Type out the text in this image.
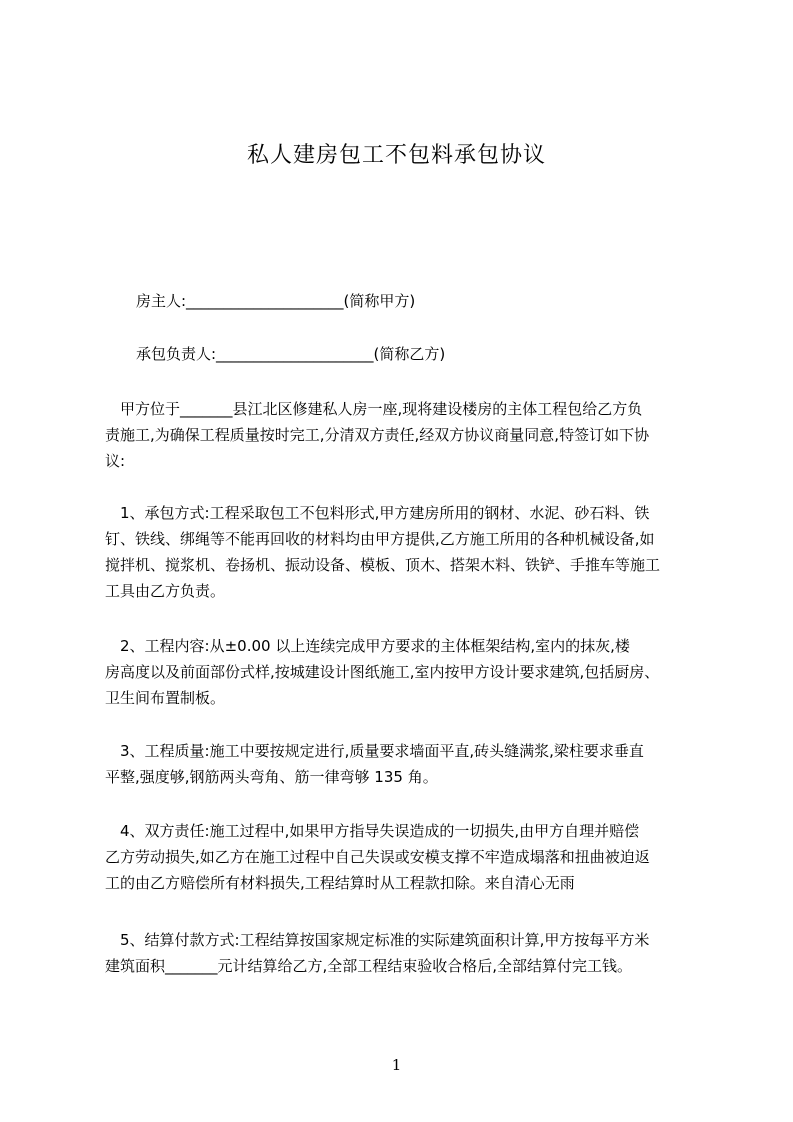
私人建房包工不包料承包协议
房主人:_____________________(简称甲方)
承包负责人:_____________________(简称乙方)
　甲方位于_______县江北区修建私人房一座,现将建设楼房的主体工程包给乙方负
责施工,为确保工程质量按时完工,分清双方责任,经双方协议商量同意,特签订如下协
议:
　1、承包方式:工程采取包工不包料形式,甲方建房所用的钢材、水泥、砂石料、铁
钉、铁线、绑绳等不能再回收的材料均由甲方提供,乙方施工所用的各种机械设备,如
搅拌机、搅浆机、卷扬机、振动设备、模板、顶木、搭架木料、铁铲、手推车等施工
工具由乙方负责。
　2、工程内容:从±0.00 以上连续完成甲方要求的主体框架结构,室内的抹灰,楼
房高度以及前面部份式样,按城建设计图纸施工,室内按甲方设计要求建筑,包括厨房、
卫生间布置制板。
　3、工程质量:施工中要按规定进行,质量要求墙面平直,砖头缝满浆,梁柱要求垂直
平整,强度够,钢筋两头弯角、筋一律弯够 135 角。
　4、双方责任:施工过程中,如果甲方指导失误造成的一切损失,由甲方自理并赔偿
乙方劳动损失,如乙方在施工过程中自己失误或安模支撑不牢造成塌落和扭曲被迫返
工的由乙方赔偿所有材料损失,工程结算时从工程款扣除。来自清心无雨
　5、结算付款方式:工程结算按国家规定标准的实际建筑面积计算,甲方按每平方米
建筑面积_______元计结算给乙方,全部工程结束验收合格后,全部结算付完工钱。
1
